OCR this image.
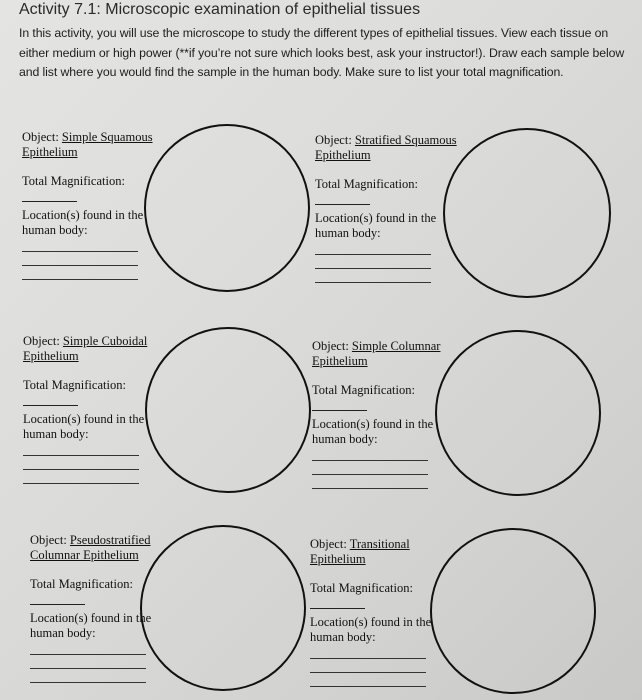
Activity 7.1: Microscopic examination of epithelial tissues
In this activity, you will use the microscope to study the different types of epithelial tissues. View each tissue on either medium or high power (**if you’re not sure which looks best, ask your instructor!). Draw each sample below and list where you would find the sample in the human body. Make sure to list your total magnification.
Object: Simple Squamous
Epithelium
Total Magnification:
Location(s) found in the human body:
Object: Stratified Squamous
Epithelium
Total Magnification:
Location(s) found in the human body:
Object: Simple Cuboidal
Epithelium
Total Magnification:
Location(s) found in the human body:
Object: Simple Columnar
Epithelium
Total Magnification:
Location(s) found in the human body:
Object: Pseudostratified
Columnar Epithelium
Total Magnification:
Location(s) found in the human body:
Object: Transitional
Epithelium
Total Magnification:
Location(s) found in the human body:
